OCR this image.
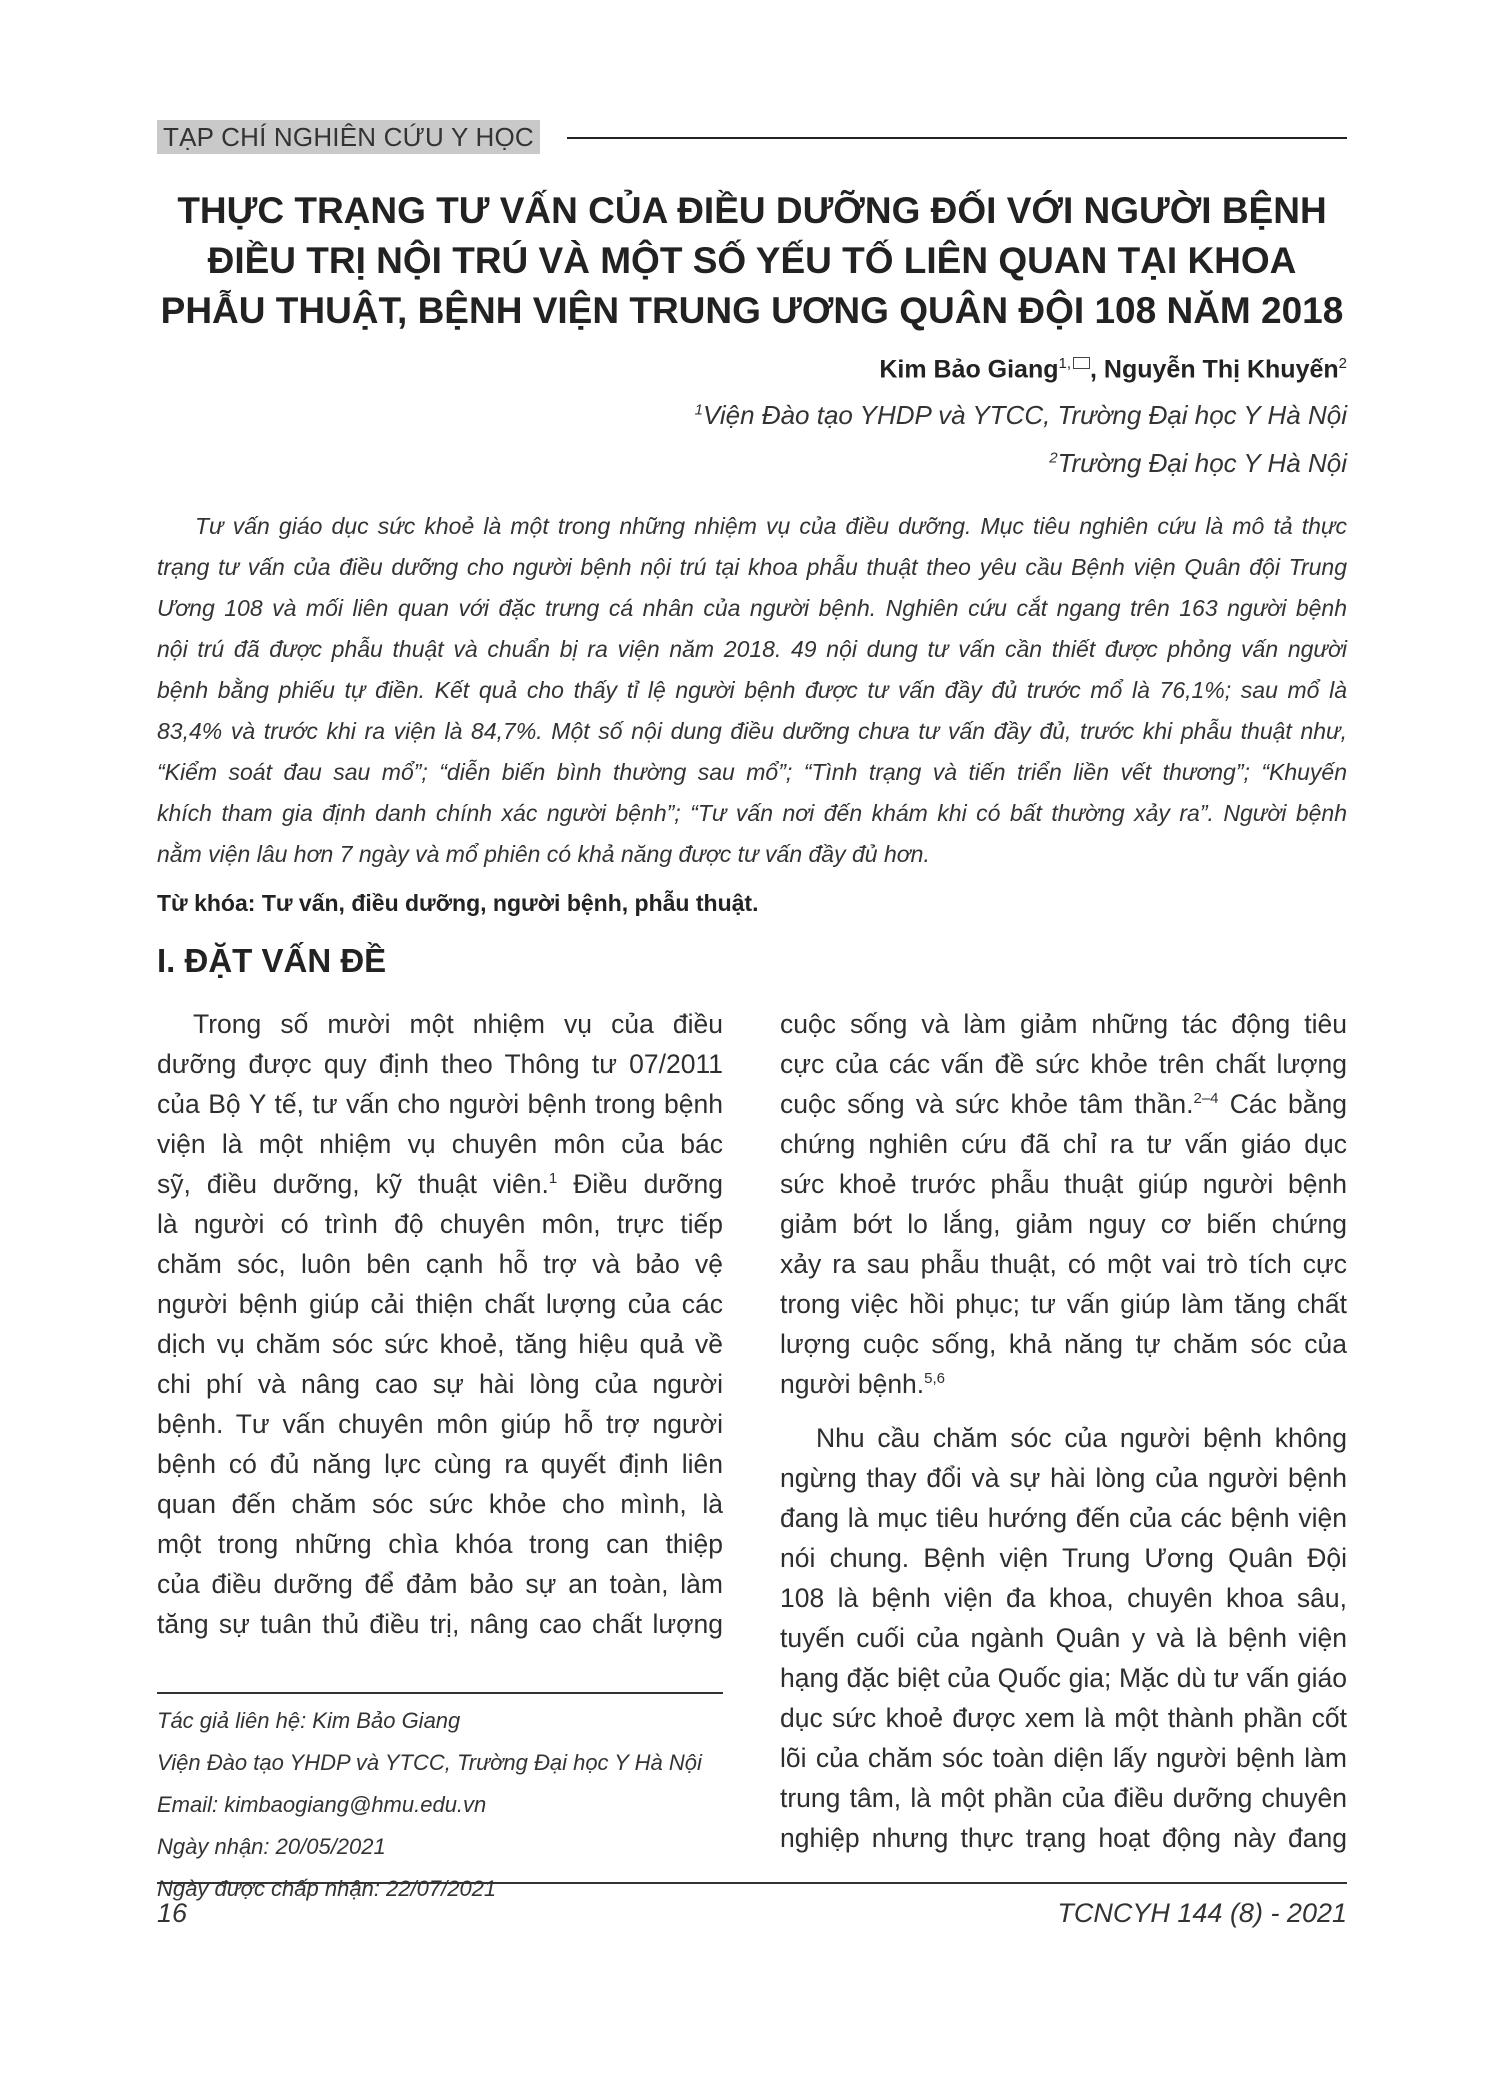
TẠP CHÍ NGHIÊN CỨU Y HỌC
THỰC TRẠNG TƯ VẤN CỦA ĐIỀU DƯỠNG ĐỐI VỚI NGƯỜI BỆNH
ĐIỀU TRỊ NỘI TRÚ VÀ MỘT SỐ YẾU TỐ LIÊN QUAN TẠI KHOA
PHẪU THUẬT, BỆNH VIỆN TRUNG ƯƠNG QUÂN ĐỘI 108 NĂM 2018
Kim Bảo Giang$^{1,}$ , Nguyễn Thị Khuyến$^2$
$^1$Viện Đào tạo YHDP và YTCC, Trường Đại học Y Hà Nội
$^2$Trường Đại học Y Hà Nội
Tư vấn giáo dục sức khoẻ là một trong những nhiệm vụ của điều dưỡng. Mục tiêu nghiên cứu là mô tả thực
trạng tư vấn của điều dưỡng cho người bệnh nội trú tại khoa phẫu thuật theo yêu cầu Bệnh viện Quân đội Trung
Ương 108 và mối liên quan với đặc trưng cá nhân của người bệnh. Nghiên cứu cắt ngang trên 163 người bệnh
nội trú đã được phẫu thuật và chuẩn bị ra viện năm 2018. 49 nội dung tư vấn cần thiết được phỏng vấn người
bệnh bằng phiếu tự điền. Kết quả cho thấy tỉ lệ người bệnh được tư vấn đầy đủ trước mổ là 76,1%; sau mổ là
83,4% và trước khi ra viện là 84,7%. Một số nội dung điều dưỡng chưa tư vấn đầy đủ, trước khi phẫu thuật như,
“Kiểm soát đau sau mổ”; “diễn biến bình thường sau mổ”; “Tình trạng và tiến triển liền vết thương”; “Khuyến
khích tham gia định danh chính xác người bệnh”; “Tư vấn nơi đến khám khi có bất thường xảy ra”. Người bệnh
nằm viện lâu hơn 7 ngày và mổ phiên có khả năng được tư vấn đầy đủ hơn.
Từ khóa: Tư vấn, điều dưỡng, người bệnh, phẫu thuật.
I. ĐẶT VẤN ĐỀ
Trong số mười một nhiệm vụ của điều
dưỡng được quy định theo Thông tư 07/2011
của Bộ Y tế, tư vấn cho người bệnh trong bệnh
viện là một nhiệm vụ chuyên môn của bác
sỹ, điều dưỡng, kỹ thuật viên.$^1$ Điều dưỡng
là người có trình độ chuyên môn, trực tiếp
chăm sóc, luôn bên cạnh hỗ trợ và bảo vệ
người bệnh giúp cải thiện chất lượng của các
dịch vụ chăm sóc sức khoẻ, tăng hiệu quả về
chi phí và nâng cao sự hài lòng của người
bệnh. Tư vấn chuyên môn giúp hỗ trợ người
bệnh có đủ năng lực cùng ra quyết định liên
quan đến chăm sóc sức khỏe cho mình, là
một trong những chìa khóa trong can thiệp
của điều dưỡng để đảm bảo sự an toàn, làm
tăng sự tuân thủ điều trị, nâng cao chất lượng
cuộc sống và làm giảm những tác động tiêu
cực của các vấn đề sức khỏe trên chất lượng
cuộc sống và sức khỏe tâm thần.$^{2-4}$ Các bằng
chứng nghiên cứu đã chỉ ra tư vấn giáo dục
sức khoẻ trước phẫu thuật giúp người bệnh
giảm bớt lo lắng, giảm nguy cơ biến chứng
xảy ra sau phẫu thuật, có một vai trò tích cực
trong việc hồi phục; tư vấn giúp làm tăng chất
lượng cuộc sống, khả năng tự chăm sóc của
người bệnh.$^{5,6}$
Nhu cầu chăm sóc của người bệnh không
ngừng thay đổi và sự hài lòng của người bệnh
đang là mục tiêu hướng đến của các bệnh viện
nói chung. Bệnh viện Trung Ương Quân Đội
108 là bệnh viện đa khoa, chuyên khoa sâu,
tuyến cuối của ngành Quân y và là bệnh viện
hạng đặc biệt của Quốc gia; Mặc dù tư vấn giáo
dục sức khoẻ được xem là một thành phần cốt
lõi của chăm sóc toàn diện lấy người bệnh làm
trung tâm, là một phần của điều dưỡng chuyên
nghiệp nhưng thực trạng hoạt động này đang
Tác giả liên hệ: Kim Bảo Giang
Viện Đào tạo YHDP và YTCC, Trường Đại học Y Hà Nội
Email: kimbaogiang@hmu.edu.vn
Ngày nhận: 20/05/2021
Ngày được chấp nhận: 22/07/2021
16	TCNCYH 144 (8) - 2021
